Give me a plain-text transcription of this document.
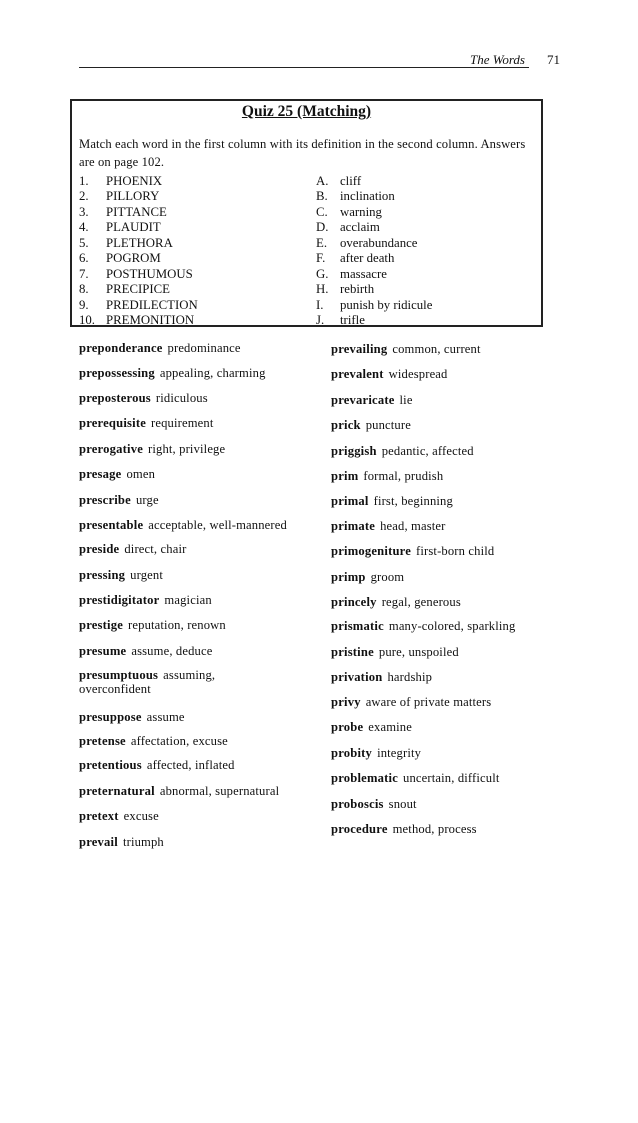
The Words 71
Quiz 25 (Matching)
Match each word in the first column with its definition in the second column. Answers are on page 102.
1. PHOENIX	A. cliff
2. PILLORY	B. inclination
3. PITTANCE	C. warning
4. PLAUDIT	D. acclaim
5. PLETHORA	E. overabundance
6. POGROM	F. after death
7. POSTHUMOUS	G. massacre
8. PRECIPICE	H. rebirth
9. PREDILECTION	I. punish by ridicule
10. PREMONITION	J. trifle
preponderance predominance
prepossessing appealing, charming
preposterous ridiculous
prerequisite requirement
prerogative right, privilege
presage omen
prescribe urge
presentable acceptable, well-mannered
preside direct, chair
pressing urgent
prestidigitator magician
prestige reputation, renown
presume assume, deduce
presumptuous assuming, overconfident
presuppose assume
pretense affectation, excuse
pretentious affected, inflated
preternatural abnormal, supernatural
pretext excuse
prevail triumph
prevailing common, current
prevalent widespread
prevaricate lie
prick puncture
priggish pedantic, affected
prim formal, prudish
primal first, beginning
primate head, master
primogeniture first-born child
primp groom
princely regal, generous
prismatic many-colored, sparkling
pristine pure, unspoiled
privation hardship
privy aware of private matters
probe examine
probity integrity
problematic uncertain, difficult
proboscis snout
procedure method, process
